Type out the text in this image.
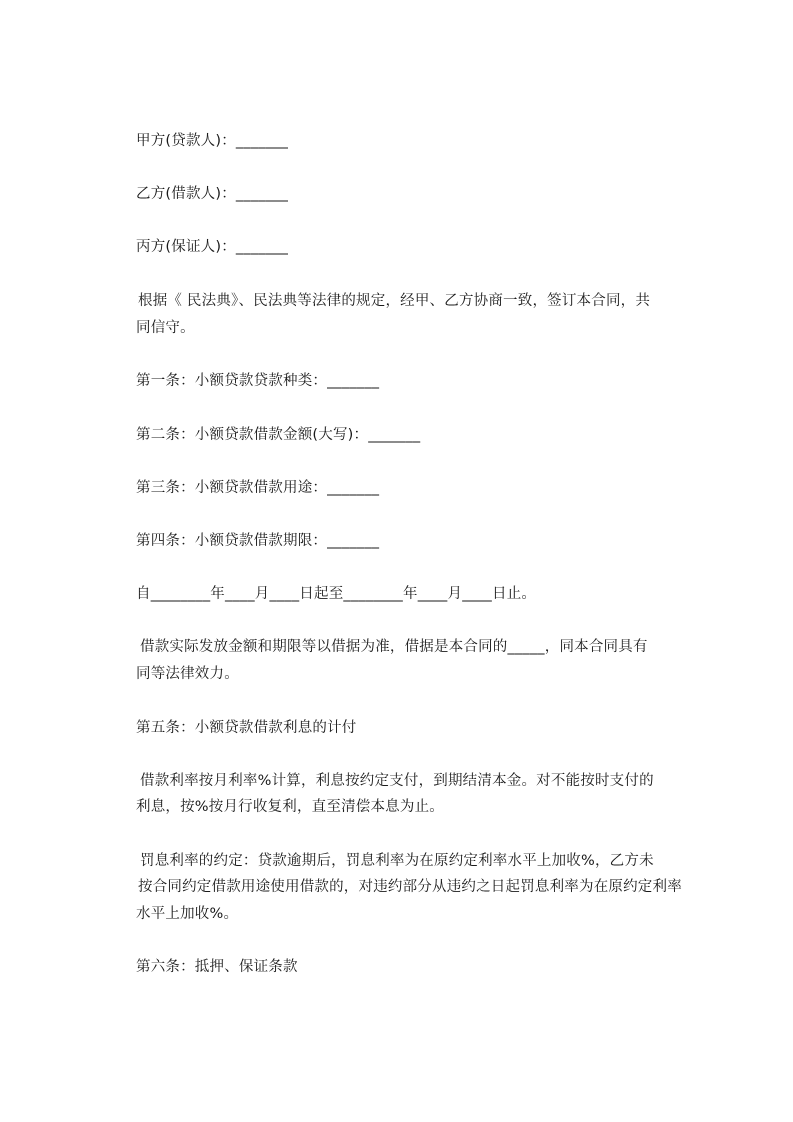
甲方(贷款人)：_______
乙方(借款人)：_______
丙方(保证人)：_______
根据《 民法典》、民法典等法律的规定，经甲、乙方协商一致，签订本合同，共
同信守。
第一条：小额贷款贷款种类：_______
第二条：小额贷款借款金额(大写)：_______
第三条：小额贷款借款用途：_______
第四条：小额贷款借款期限：_______
自________年____月____日起至________年____月____日止。
借款实际发放金额和期限等以借据为准，借据是本合同的_____，同本合同具有
同等法律效力。
第五条：小额贷款借款利息的计付
借款利率按月利率%计算，利息按约定支付，到期结清本金。对不能按时支付的
利息，按%按月行收复利，直至清偿本息为止。
罚息利率的约定：贷款逾期后，罚息利率为在原约定利率水平上加收%，乙方未
按合同约定借款用途使用借款的，对违约部分从违约之日起罚息利率为在原约定利率
水平上加收%。
第六条：抵押、保证条款
